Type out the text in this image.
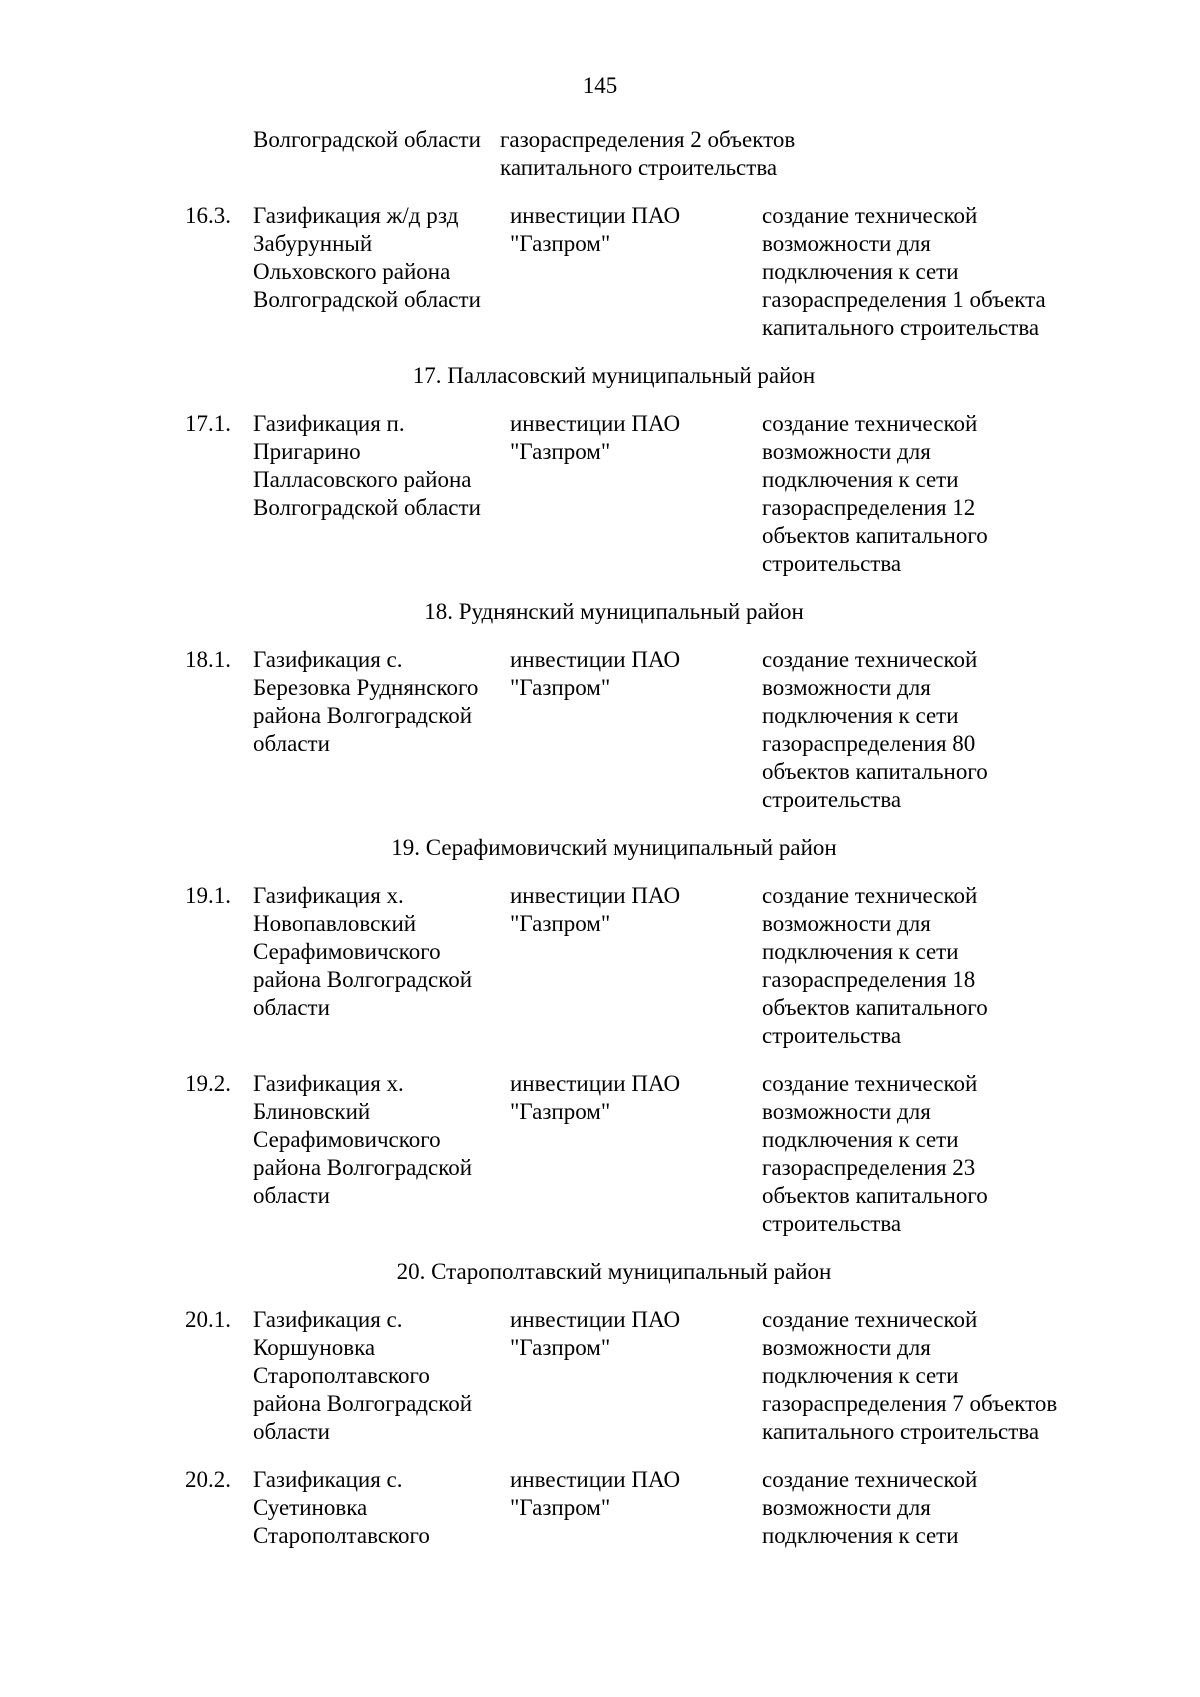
145
Волгоградской области газораспределения 2 объектов
капитального строительства
16.3. Газификация ж/д рзд
Забурунный
Ольховского района
Волгоградской области
инвестиции ПАО
"Газпром"
создание технической
возможности для
подключения к сети
газораспределения 1 объекта
капитального строительства
17. Палласовский муниципальный район
17.1. Газификация п.
Пригарино
Палласовского района
Волгоградской области
инвестиции ПАО
"Газпром"
создание технической
возможности для
подключения к сети
газораспределения 12
объектов капитального
строительства
18. Руднянский муниципальный район
18.1. Газификация с.
Березовка Руднянского
района Волгоградской
области
инвестиции ПАО
"Газпром"
создание технической
возможности для
подключения к сети
газораспределения 80
объектов капитального
строительства
19. Серафимовичский муниципальный район
19.1. Газификация х.
Новопавловский
Серафимовичского
района Волгоградской
области
инвестиции ПАО
"Газпром"
создание технической
возможности для
подключения к сети
газораспределения 18
объектов капитального
строительства
19.2. Газификация х.
Блиновский
Серафимовичского
района Волгоградской
области
инвестиции ПАО
"Газпром"
создание технической
возможности для
подключения к сети
газораспределения 23
объектов капитального
строительства
20. Старополтавский муниципальный район
20.1. Газификация с.
Коршуновка
Старополтавского
района Волгоградской
области
инвестиции ПАО
"Газпром"
создание технической
возможности для
подключения к сети
газораспределения 7 объектов
капитального строительства
20.2. Газификация с.
Суетиновка
Старополтавского
инвестиции ПАО
"Газпром"
создание технической
возможности для
подключения к сети
